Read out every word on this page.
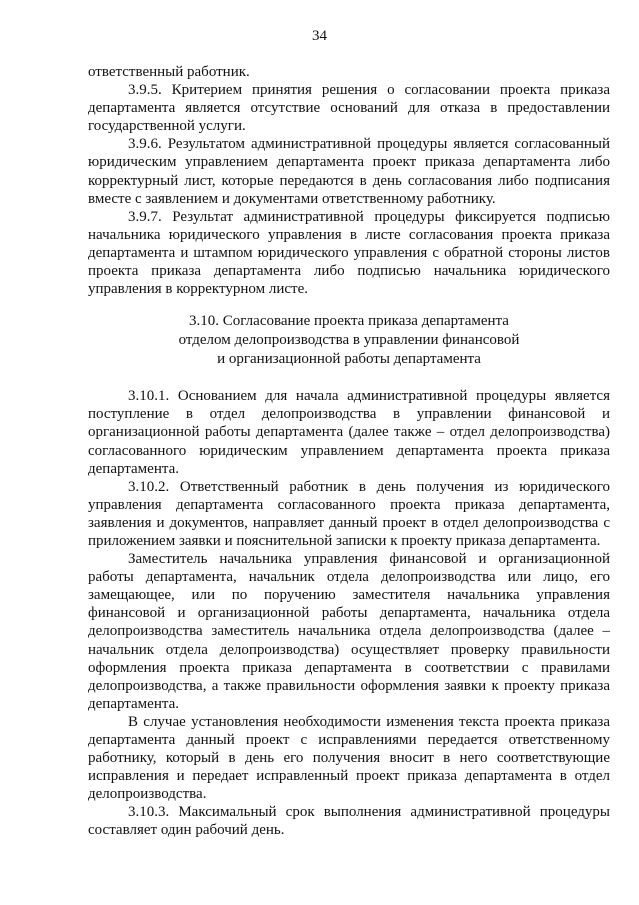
34

ответственный работник.

3.9.5. Критерием принятия решения о согласовании проекта приказа департамента является отсутствие оснований для отказа в предоставлении государственной услуги.

3.9.6. Результатом административной процедуры является согласованный юридическим управлением департамента проект приказа департамента либо корректурный лист, которые передаются в день согласования либо подписания вместе с заявлением и документами ответственному работнику.

3.9.7. Результат административной процедуры фиксируется подписью начальника юридического управления в листе согласования проекта приказа департамента и штампом юридического управления с обратной стороны листов проекта приказа департамента либо подписью начальника юридического управления в корректурном листе.

3.10. Согласование проекта приказа департамента
отделом делопроизводства в управлении финансовой
и организационной работы департамента

3.10.1. Основанием для начала административной процедуры является поступление в отдел делопроизводства в управлении финансовой и организационной работы департамента (далее также – отдел делопроизводства) согласованного юридическим управлением департамента проекта приказа департамента.

3.10.2. Ответственный работник в день получения из юридического управления департамента согласованного проекта приказа департамента, заявления и документов, направляет данный проект в отдел делопроизводства с приложением заявки и пояснительной записки к проекту приказа департамента.

Заместитель начальника управления финансовой и организационной работы департамента, начальник отдела делопроизводства или лицо, его замещающее, или по поручению заместителя начальника управления финансовой и организационной работы департамента, начальника отдела делопроизводства заместитель начальника отдела делопроизводства (далее – начальник отдела делопроизводства) осуществляет проверку правильности оформления проекта приказа департамента в соответствии с правилами делопроизводства, а также правильности оформления заявки к проекту приказа департамента.

В случае установления необходимости изменения текста проекта приказа департамента данный проект с исправлениями передается ответственному работнику, который в день его получения вносит в него соответствующие исправления и передает исправленный проект приказа департамента в отдел делопроизводства.

3.10.3. Максимальный срок выполнения административной процедуры составляет один рабочий день.
